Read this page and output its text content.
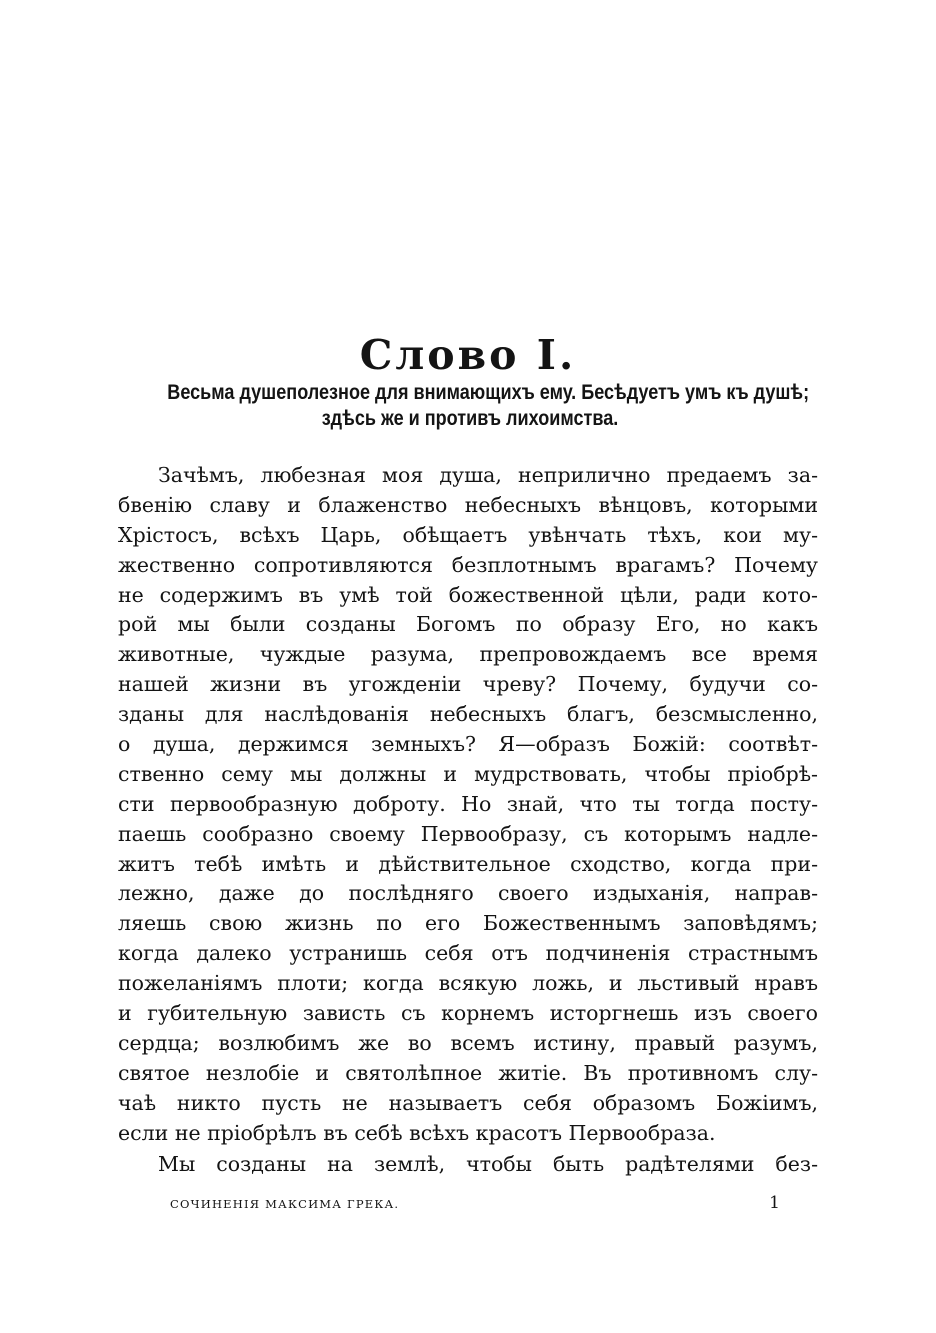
Слово I.
Весьма душеполезное для внимающихъ ему. Бесѣдуетъ умъ къ душѣ;
здѣсь же и противъ лихоимства.
Зачѣмъ, любезная моя душа, неприлично предаемъ за-
бвенію славу и блаженство небесныхъ вѣнцовъ, которыми
Хрістосъ, всѣхъ Царь, обѣщаетъ увѣнчать тѣхъ, кои му-
жественно сопротивляются безплотнымъ врагамъ? Почему
не содержимъ въ умѣ той божественной цѣли, ради кото-
рой мы были созданы Богомъ по образу Его, но какъ
животные, чуждые разума, препровождаемъ все время
нашей жизни въ угожденіи чреву? Почему, будучи со-
зданы для наслѣдованія небесныхъ благъ, безсмысленно,
о душа, держимся земныхъ? Я—образъ Божій: соотвѣт-
ственно сему мы должны и мудрствовать, чтобы пріобрѣ-
сти первообразную доброту. Но знай, что ты тогда посту-
паешь сообразно своему Первообразу, съ которымъ надле-
житъ тебѣ имѣть и дѣйствительное сходство, когда при-
лежно, даже до послѣдняго своего издыханія, направ-
ляешь свою жизнь по его Божественнымъ заповѣдямъ;
когда далеко устранишь себя отъ подчиненія страстнымъ
пожеланіямъ плоти; когда всякую ложь, и льстивый нравъ
и губительную зависть съ корнемъ исторгнешь изъ своего
сердца; возлюбимъ же во всемъ истину, правый разумъ,
святое незлобіе и святолѣпное житіе. Въ противномъ слу-
чаѣ никто пусть не называетъ себя образомъ Божіимъ,
если не пріобрѣлъ въ себѣ всѣхъ красотъ Первообраза.
Мы созданы на землѣ, чтобы быть радѣтелями без-
СОЧИНЕНІЯ МАКСИМА ГРЕКА.	1
